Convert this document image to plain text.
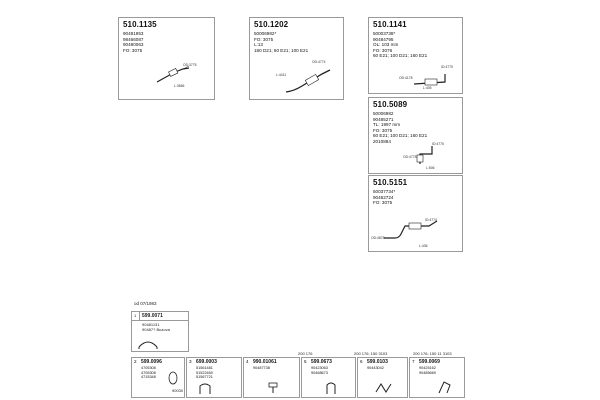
510.1135
90481953
98466087
90480063
FO: 3075
OD:3775
L:3656
510.1202
50006982*
FO: 3075
L:13
180 D21; 60 E21; 100 E21
OD:4774
L:4411
510.1141
50003738*
90484795
OL: 103 mm
FO: 3076
60 E21; 100 D21; 160 E21
ID:4775
OD:4178
L:405
510.5089
50006982
90485271
TL: 1997 mm
FO: 3075
60 E21; 100 D21; 160 E21
2010884
ID:4775
OD:4778
L:506
510.5151
50037734*
90462724
FO: 3075
ID:4774
OD:4878
L:436
od 07/1983
1 599.0071
90481131
90487? Buzova
200 176	200 176; 150 3103	200 176; 150 11 3103
2 599.0096
4705308
4705308
4715348
90030
3 699.0003
51561481
51522460
51567721
4 990.01061
90487738
5 599.0673
90423063
90468673
6 599.0103
90443042
7 599.0069
90425162
90485669
